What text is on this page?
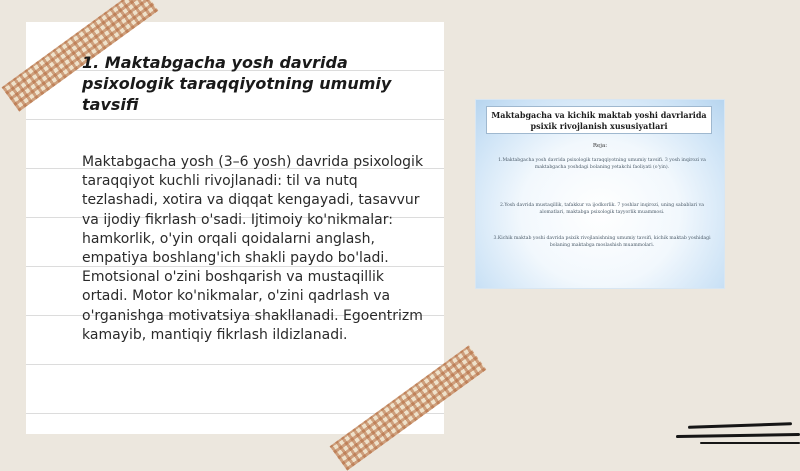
1. Maktabgacha yosh davrida psixologik taraqqiyotning umumiy tavsifi

Maktabgacha yosh (3–6 yosh) davrida psixologik taraqqiyot kuchli rivojlanadi: til va nutq tezlashadi, xotira va diqqat kengayadi, tasavvur va ijodiy fikrlash o'sadi. Ijtimoiy ko'nikmalar: hamkorlik, o'yin orqali qoidalarni anglash, empatiya boshlang'ich shakli paydo bo'ladi. Emotsional o'zini boshqarish va mustaqillik ortadi. Motor ko'nikmalar, o'zini qadrlash va o'rganishga motivatsiya shakllanadi. Egoentrizm kamayib, mantiqiy fikrlash ildizlanadi.

Maktabgacha va kichik maktab yoshi davrlarida psixik rivojlanish xususiyatlari
Reja:
1.Maktabgacha yosh davrida psixologik taraqqiyotning umumiy tavsifi. 3 yosh inqirozi va maktabgacha yoshdagi bolaning yetakchi faoliyati (o'yin).
2.Yosh davrida mustaqillik, tafakkur va ijodkorlik. 7 yoshlar inqirozi, uning sabablari va alomatlari, maktabga psixologik tayyorlik muammosi.
3.Kichik maktab yoshi davrida psixik rivojlanishning umumiy tavsifi, kichik maktab yoshidagi bolaning maktabga moslashish muammolari.
